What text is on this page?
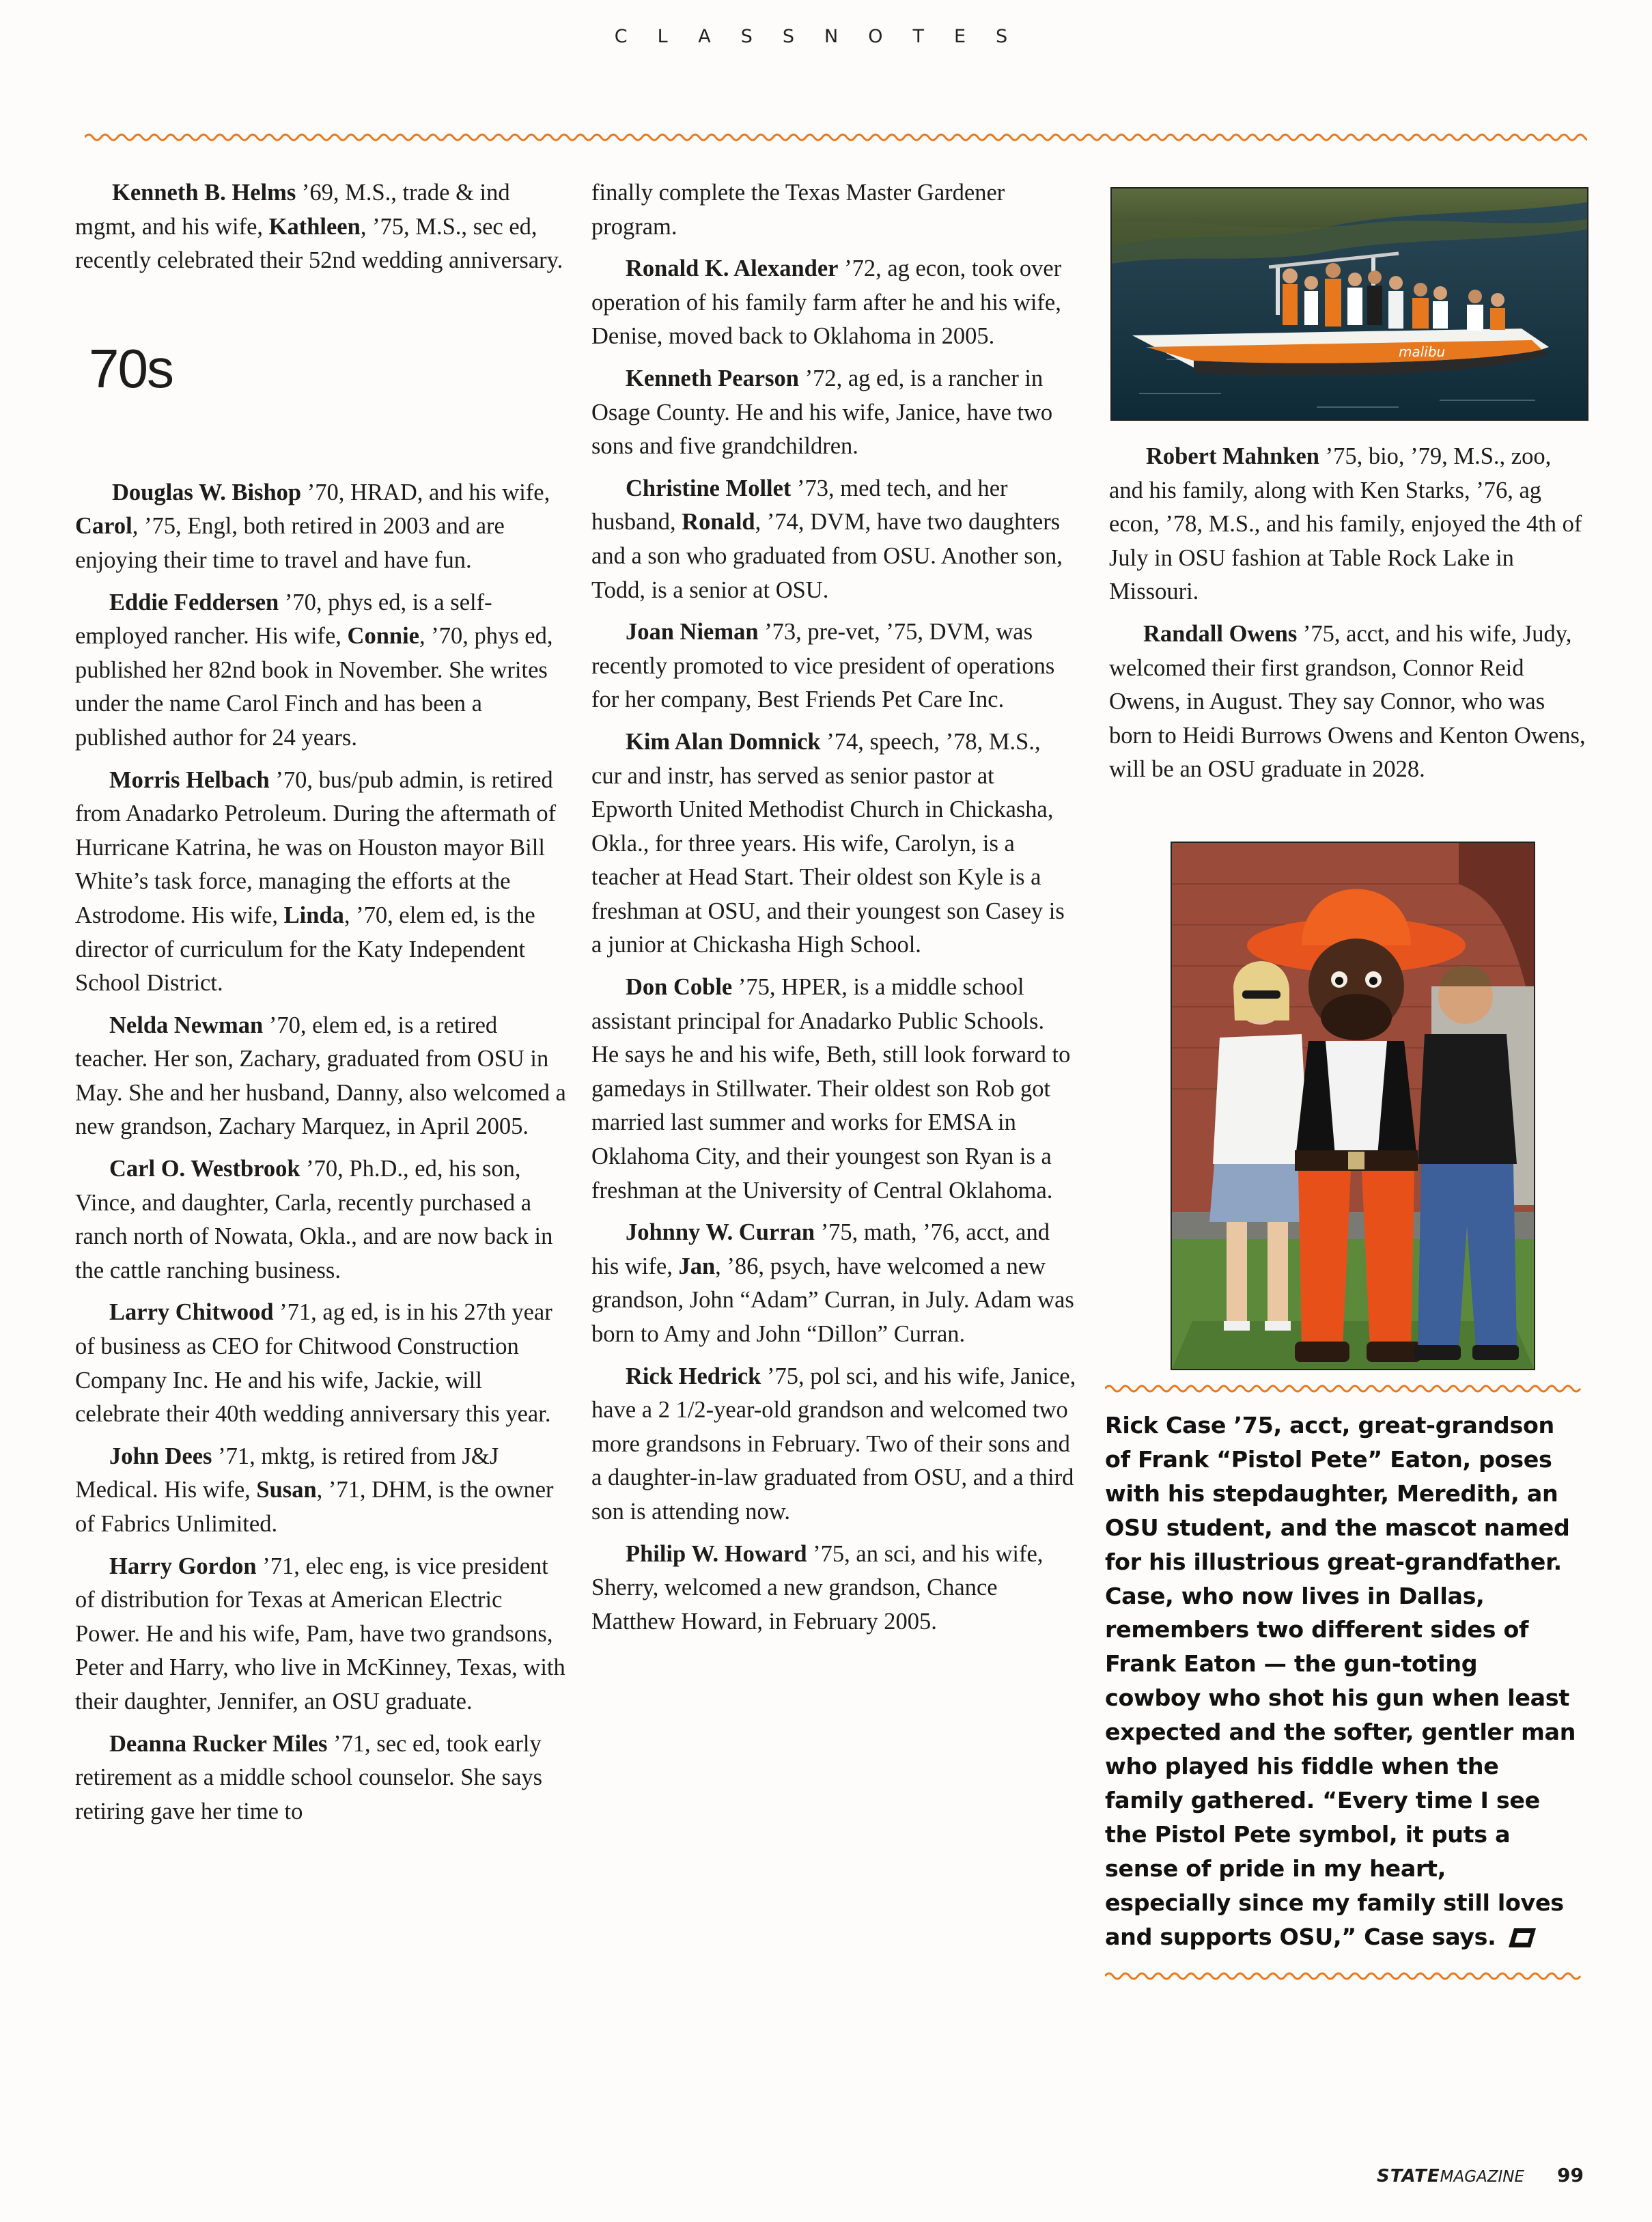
CLASSNOTES

Kenneth B. Helms ’69, M.S., trade & ind mgmt, and his wife, Kathleen, ’75, M.S., sec ed, recently celebrated their 52nd wedding anniversary.

70s

Douglas W. Bishop ’70, HRAD, and his wife, Carol, ’75, Engl, both retired in 2003 and are enjoying their time to travel and have fun.

Eddie Feddersen ’70, phys ed, is a self-employed rancher. His wife, Connie, ’70, phys ed, published her 82nd book in November. She writes under the name Carol Finch and has been a published author for 24 years.

Morris Helbach ’70, bus/pub admin, is retired from Anadarko Petroleum. During the aftermath of Hurricane Katrina, he was on Houston mayor Bill White’s task force, managing the efforts at the Astrodome. His wife, Linda, ’70, elem ed, is the director of curriculum for the Katy Independent School District.

Nelda Newman ’70, elem ed, is a retired teacher. Her son, Zachary, graduated from OSU in May. She and her husband, Danny, also welcomed a new grandson, Zachary Marquez, in April 2005.

Carl O. Westbrook ’70, Ph.D., ed, his son, Vince, and daughter, Carla, recently purchased a ranch north of Nowata, Okla., and are now back in the cattle ranching business.

Larry Chitwood ’71, ag ed, is in his 27th year of business as CEO for Chitwood Construction Company Inc. He and his wife, Jackie, will celebrate their 40th wedding anniversary this year.

John Dees ’71, mktg, is retired from J&J Medical. His wife, Susan, ’71, DHM, is the owner of Fabrics Unlimited.

Harry Gordon ’71, elec eng, is vice president of distribution for Texas at American Electric Power. He and his wife, Pam, have two grandsons, Peter and Harry, who live in McKinney, Texas, with their daughter, Jennifer, an OSU graduate.

Deanna Rucker Miles ’71, sec ed, took early retirement as a middle school counselor. She says retiring gave her time to

finally complete the Texas Master Gardener program.

Ronald K. Alexander ’72, ag econ, took over operation of his family farm after he and his wife, Denise, moved back to Oklahoma in 2005.

Kenneth Pearson ’72, ag ed, is a rancher in Osage County. He and his wife, Janice, have two sons and five grandchildren.

Christine Mollet ’73, med tech, and her husband, Ronald, ’74, DVM, have two daughters and a son who graduated from OSU. Another son, Todd, is a senior at OSU.

Joan Nieman ’73, pre-vet, ’75, DVM, was recently promoted to vice president of operations for her company, Best Friends Pet Care Inc.

Kim Alan Domnick ’74, speech, ’78, M.S., cur and instr, has served as senior pastor at Epworth United Methodist Church in Chickasha, Okla., for three years. His wife, Carolyn, is a teacher at Head Start. Their oldest son Kyle is a freshman at OSU, and their youngest son Casey is a junior at Chickasha High School.

Don Coble ’75, HPER, is a middle school assistant principal for Anadarko Public Schools. He says he and his wife, Beth, still look forward to gamedays in Stillwater. Their oldest son Rob got married last summer and works for EMSA in Oklahoma City, and their youngest son Ryan is a freshman at the University of Central Oklahoma.

Johnny W. Curran ’75, math, ’76, acct, and his wife, Jan, ’86, psych, have welcomed a new grandson, John “Adam” Curran, in July. Adam was born to Amy and John “Dillon” Curran.

Rick Hedrick ’75, pol sci, and his wife, Janice, have a 2 1/2-year-old grandson and welcomed two more grandsons in February. Two of their sons and a daughter-in-law graduated from OSU, and a third son is attending now.

Philip W. Howard ’75, an sci, and his wife, Sherry, welcomed a new grandson, Chance Matthew Howard, in February 2005.

malibu

Robert Mahnken ’75, bio, ’79, M.S., zoo, and his family, along with Ken Starks, ’76, ag econ, ’78, M.S., and his family, enjoyed the 4th of July in OSU fashion at Table Rock Lake in Missouri.

Randall Owens ’75, acct, and his wife, Judy, welcomed their first grandson, Connor Reid Owens, in August. They say Connor, who was born to Heidi Burrows Owens and Kenton Owens, will be an OSU graduate in 2028.

Rick Case ’75, acct, great-grandson of Frank “Pistol Pete” Eaton, poses with his stepdaughter, Meredith, an OSU student, and the mascot named for his illustrious great-grandfather. Case, who now lives in Dallas, remembers two different sides of Frank Eaton — the gun-toting cowboy who shot his gun when least expected and the softer, gentler man who played his fiddle when the family gathered. “Every time I see the Pistol Pete symbol, it puts a sense of pride in my heart, especially since my family still loves and supports OSU,” Case says.
STATEMAGAZINE 99
